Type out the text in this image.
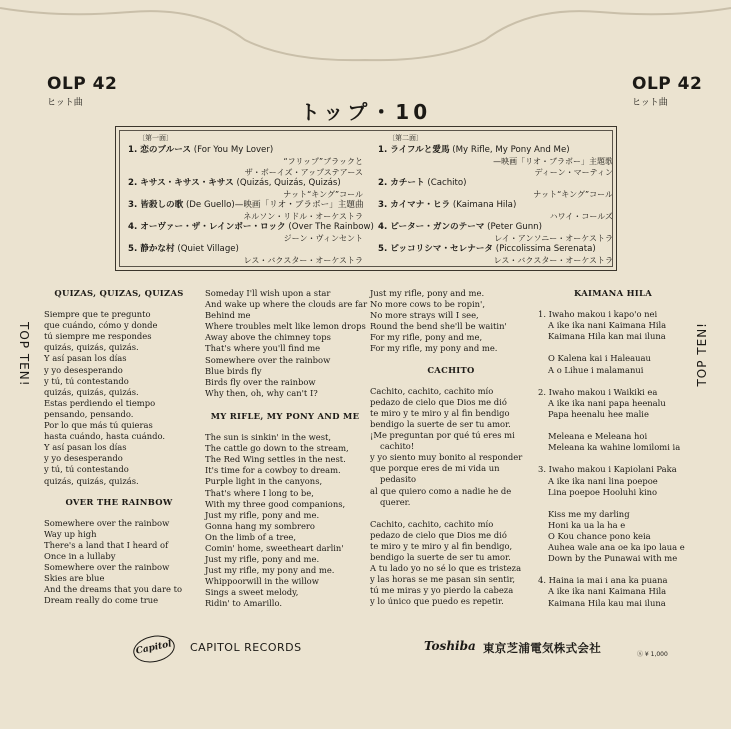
OLP 42
ヒット曲
OLP 42
ヒット曲
トップ・10
〔第一面〕
1. 恋のブルース (For You My Lover)
“フリップ”ブラックと
ザ・ボーイズ・アップステアース
2. キサス・キサス・キサス (Quizás, Quizás, Quizás)
ナット“キング”コール
3. 皆殺しの歌 (De Guello)—映画「リオ・ブラボー」主題曲
ネルソン・リドル・オーケストラ
4. オーヴァー・ザ・レインボー・ロック (Over The Rainbow)
ジーン・ヴィンセント
5. 静かな村 (Quiet Village)
レス・バクスター・オーケストラ
〔第二面〕
1. ライフルと愛馬 (My Rifle, My Pony And Me)
—映画「リオ・ブラボー」主題歌
ディーン・マーティン
2. カチート (Cachito)
ナット“キング”コール
3. カイマナ・ヒラ (Kaimana Hila)
ハワイ・コールズ
4. ピーター・ガンのテーマ (Peter Gunn)
レイ・アンソニー・オーケストラ
5. ピッコリシマ・セレナータ (Piccolissima Serenata)
レス・バクスター・オーケストラ
TOP TEN!	TOP TEN!
QUIZAS, QUIZAS, QUIZAS
Siempre que te pregunto
que cuándo, cómo y donde
tú siempre me respondes
quizás, quizás, quizás.
Y así pasan los días
y yo desesperando
y tú, tú contestando
quizás, quizás, quizás.
Estas perdiendo el tiempo
pensando, pensando.
Por lo que más tú quieras
hasta cuándo, hasta cuándo.
Y así pasan los días
y yo desesperando
y tú, tú contestando
quizás, quizás, quizás.
OVER THE RAINBOW
Somewhere over the rainbow
Way up high
There's a land that I heard of
Once in a lullaby
Somewhere over the rainbow
Skies are blue
And the dreams that you dare to
Dream really do come true
Someday I'll wish upon a star
And wake up where the clouds are far
Behind me
Where troubles melt like lemon drops
Away above the chimney tops
That's where you'll find me
Somewhere over the rainbow
Blue birds fly
Birds fly over the rainbow
Why then, oh, why can't I?
MY RIFLE, MY PONY AND ME
The sun is sinkin' in the west,
The cattle go down to the stream,
The Red Wing settles in the nest.
It's time for a cowboy to dream.
Purple light in the canyons,
That's where I long to be,
With my three good companions,
Just my rifle, pony and me.
Gonna hang my sombrero
On the limb of a tree,
Comin' home, sweetheart darlin'
Just my rifle, pony and me.
Just my rifle, my pony and me.
Whippoorwill in the willow
Sings a sweet melody,
Ridin' to Amarillo.
Just my rifle, pony and me.
No more cows to be ropin',
No more strays will I see,
Round the bend she'll be waitin'
For my rifle, pony and me,
For my rifle, my pony and me.
CACHITO
Cachito, cachito, cachito mío
pedazo de cielo que Dios me dió
te miro y te miro y al fin bendigo
bendigo la suerte de ser tu amor.
¡Me preguntan por qué tú eres mi
cachito!
y yo siento muy bonito al responder
que porque eres de mi vida un
pedasito
al que quiero como a nadie he de
querer.
Cachito, cachito, cachito mío
pedazo de cielo que Dios me dió
te miro y te miro y al fin bendigo,
bendigo la suerte de ser tu amor.
A tu lado yo no sé lo que es tristeza
y las horas se me pasan sin sentir,
tú me miras y yo pierdo la cabeza
y lo único que puedo es repetir.
KAIMANA HILA
1. Iwaho makou i kapo'o nei
A ike ika nani Kaimana Hila
Kaimana Hila kan mai iluna
O Kalena kai i Haleauau
A o Lihue i malamanui
2. Iwaho makou i Waikiki ea
A ike ika nani papa heenalu
Papa heenalu hee malie
Meleana e Meleana hoi
Meleana ka wahine lomilomi ia
3. Iwaho makou i Kapiolani Paka
A ike ika nani lina poepoe
Lina poepoe Hooluhi kino
Kiss me my darling
Honi ka ua la ha e
O Kou chance pono keia
Auhea wale ana oe ka ipo laua e
Down by the Punawai with me
4. Haina ia mai i ana ka puana
A ike ika nani Kaimana Hila
Kaimana Hila kau mai iluna
Capitol	CAPITOL RECORDS	Toshiba 東京芝浦電気株式会社	Ⓢ ¥ 1,000
